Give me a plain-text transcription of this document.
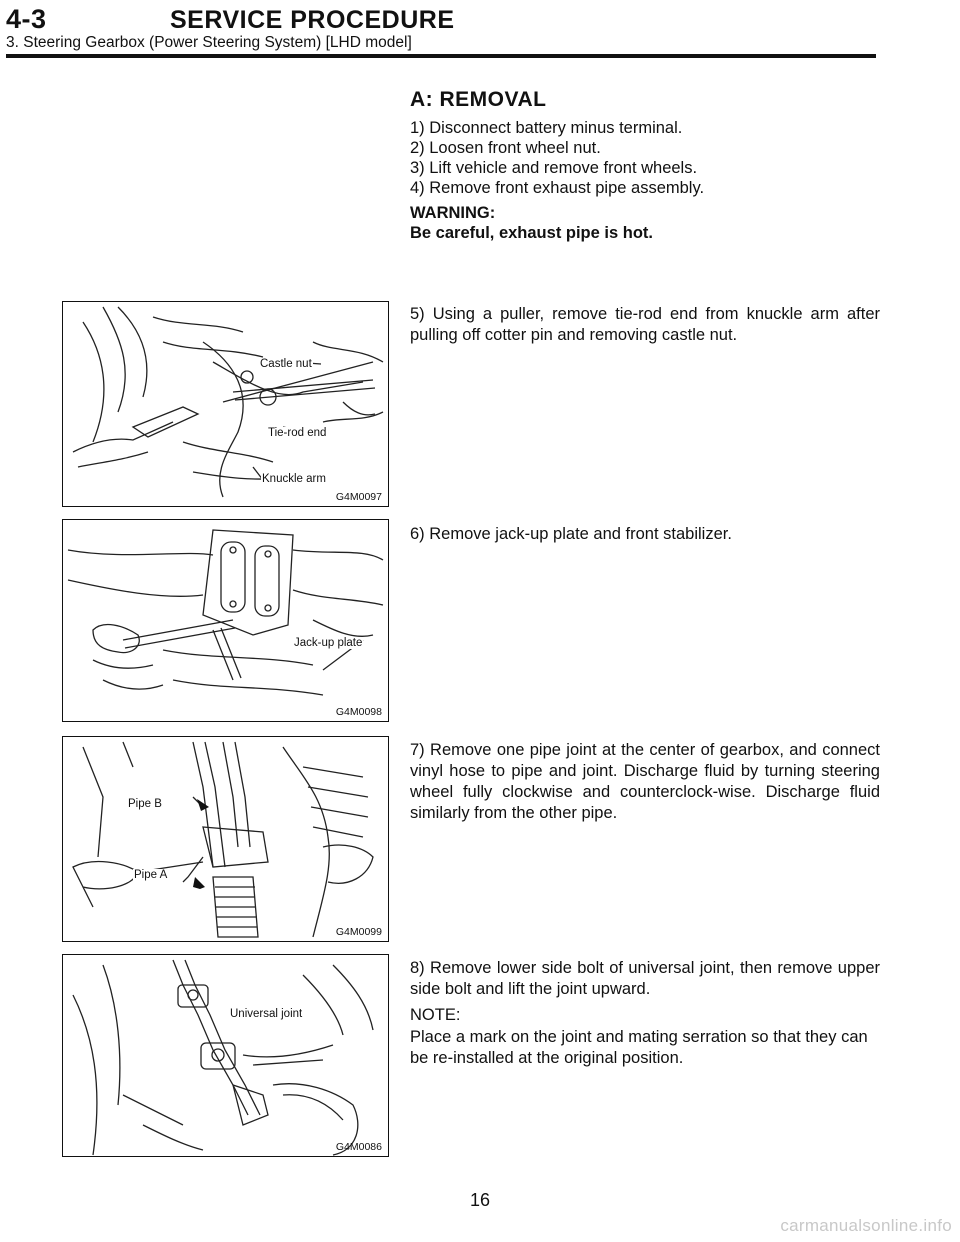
4-3	SERVICE PROCEDURE
3. Steering Gearbox (Power Steering System) [LHD model]
A: REMOVAL
1) Disconnect battery minus terminal.
2) Loosen front wheel nut.
3) Lift vehicle and remove front wheels.
4) Remove front exhaust pipe assembly.
WARNING:
Be careful, exhaust pipe is hot.
Castle nut
Tie-rod end
Knuckle arm
G4M0097
5) Using a puller, remove tie-rod end from knuckle arm after pulling off cotter pin and removing castle nut.
Jack-up plate
G4M0098
6) Remove jack-up plate and front stabilizer.
Pipe B
Pipe A
G4M0099
7) Remove one pipe joint at the center of gearbox, and connect vinyl hose to pipe and joint. Discharge fluid by turning steering wheel fully clockwise and counterclock-wise. Discharge fluid similarly from the other pipe.
Universal joint
G4M0086
8) Remove lower side bolt of universal joint, then remove upper side bolt and lift the joint upward.
NOTE:
Place a mark on the joint and mating serration so that they can be re-installed at the original position.
16
carmanualsonline.info
